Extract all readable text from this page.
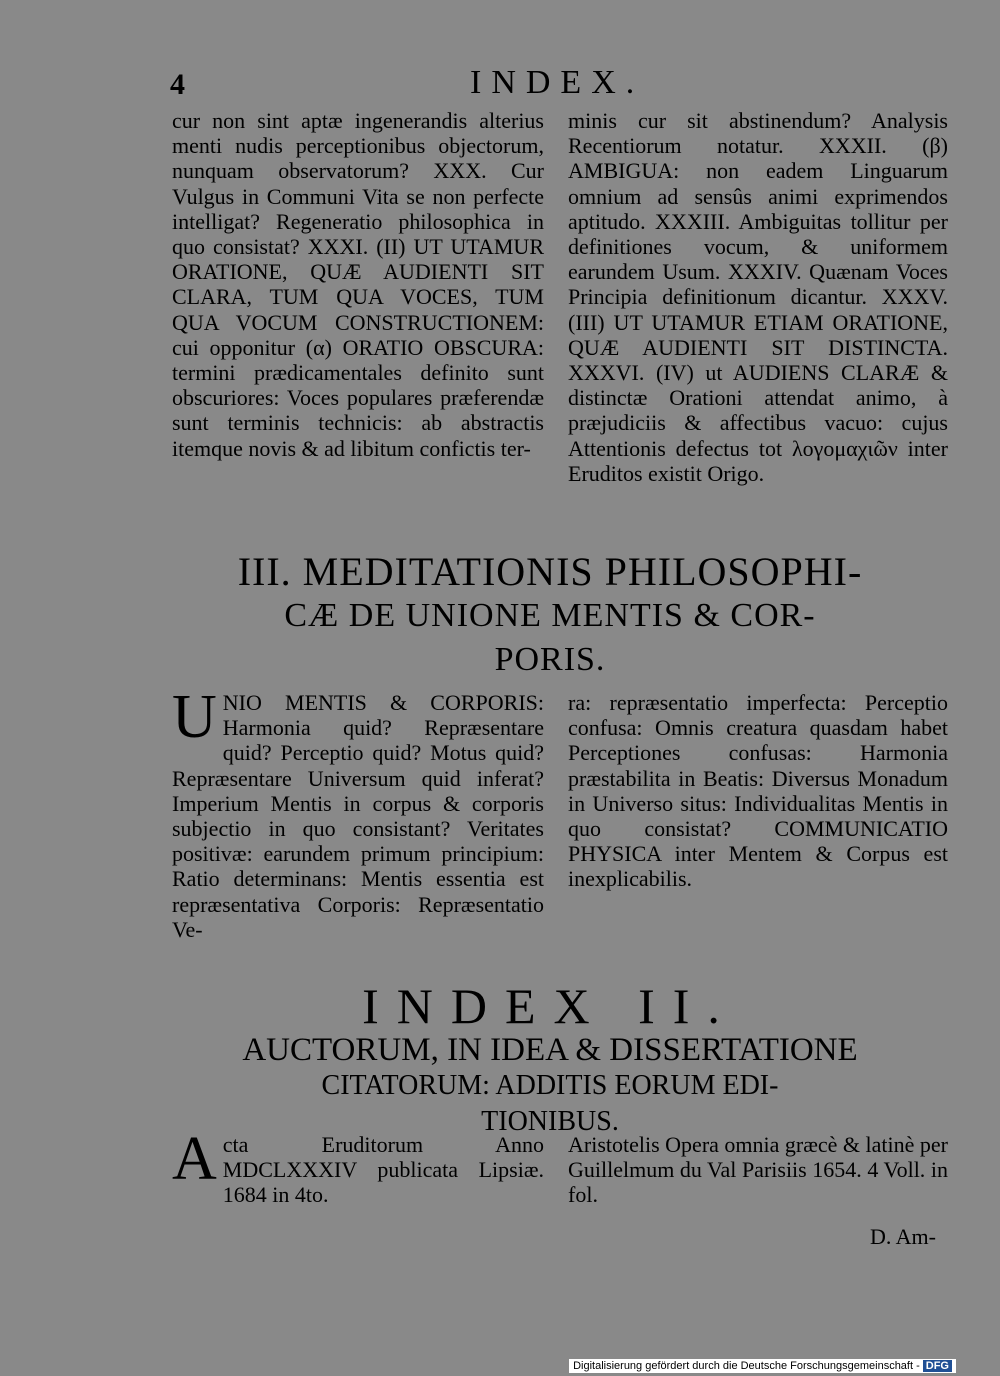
4	INDEX.

cur non sint aptæ ingenerandis alterius menti nudis perceptionibus objectorum, nunquam observatorum? XXX. Cur Vulgus in Communi Vita se non perfecte intelligat? Regeneratio philosophica in quo consistat? XXXI. (II) UT UTAMUR ORATIONE, QUÆ AUDIENTI SIT CLARA, TUM QUA VOCES, TUM QUA VOCUM CONSTRUCTIONEM: cui opponitur (α) ORATIO OBSCURA: termini prædicamentales definito sunt obscuriores: Voces populares præferendæ sunt terminis technicis: ab abstractis itemque novis & ad libitum confictis ter-

minis cur sit abstinendum? Analysis Recentiorum notatur. XXXII. (β) AMBIGUA: non eadem Linguarum omnium ad sensûs animi exprimendos aptitudo. XXXIII. Ambiguitas tollitur per definitiones vocum, & uniformem earundem Usum. XXXIV. Quænam Voces Principia definitionum dicantur. XXXV. (III) UT UTAMUR ETIAM ORATIONE, QUÆ AUDIENTI SIT DISTINCTA. XXXVI. (IV) ut AUDIENS CLARÆ & distinctæ Orationi attendat animo, à præjudiciis & affectibus vacuo: cujus Attentionis defectus tot λογομαχιῶν inter Eruditos existit Origo.

III. MEDITATIONIS PHILOSOPHI-
CÆ DE UNIONE MENTIS & COR-
PORIS.
U NIO MENTIS & CORPORIS: Harmonia quid? Repræsentare quid? Perceptio quid? Motus quid? Repræsentare Universum quid inferat? Imperium Mentis in corpus & corporis subjectio in quo consistant? Veritates positivæ: earundem primum principium: Ratio determinans: Mentis essentia est repræsentativa Corporis: Repræsentatio Ve-

ra: repræsentatio imperfecta: Perceptio confusa: Omnis creatura quasdam habet Perceptiones confusas: Harmonia præstabilita in Beatis: Diversus Monadum in Universo situs: Individualitas Mentis in quo consistat? COMMUNICATIO PHYSICA inter Mentem & Corpus est inexplicabilis.

INDEX II.
AUCTORUM, IN IDEA & DISSERTATIONE
CITATORUM: ADDITIS EORUM EDI-
TIONIBUS.
A cta Eruditorum Anno MDCLXXXIV publicata Lipsiæ. 1684 in 4to.

Aristotelis Opera omnia græcè & latinè per Guillelmum du Val Parisiis 1654. 4 Voll. in fol.

D. Am-
Digitalisierung gefördert durch die Deutsche Forschungsgemeinschaft - DFG
